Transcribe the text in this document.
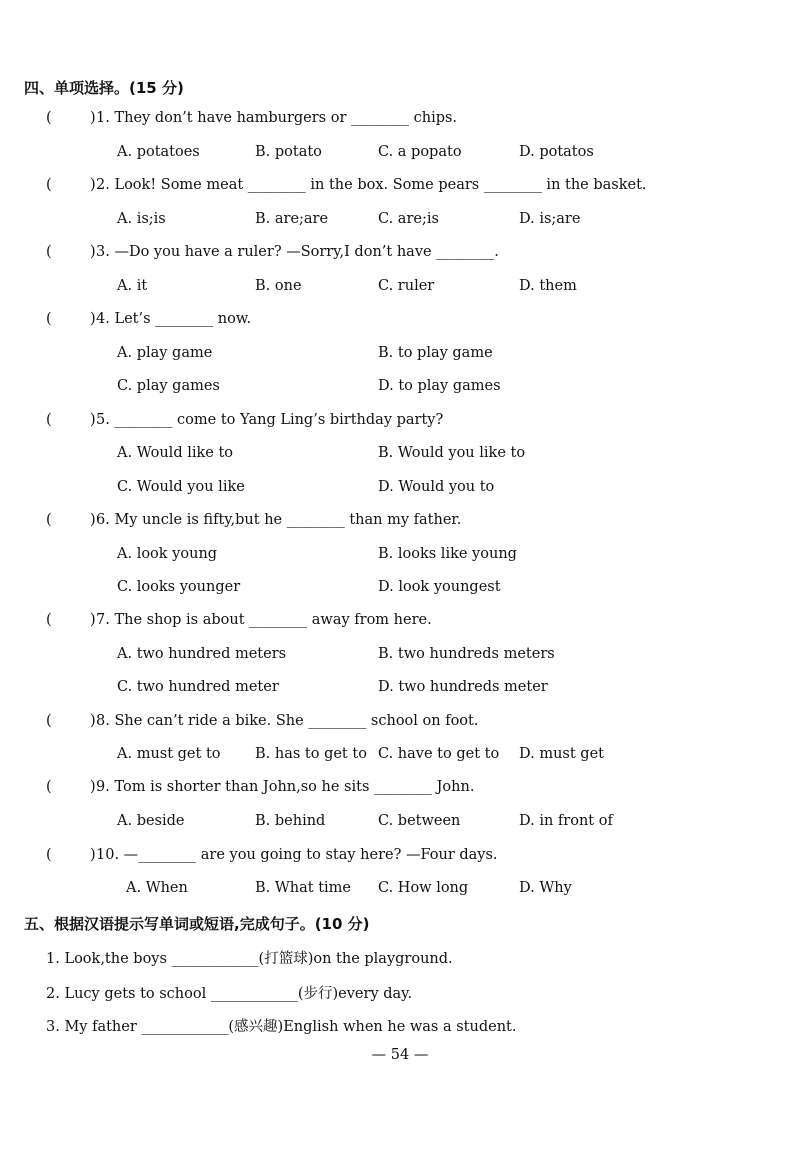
四、单项选择。(15 分)
(	) 1. They don’t have hamburgers or ________ chips.
A. potatoes	B. potato	C. a popato	D. potatos
(	) 2. Look! Some meat ________ in the box. Some pears ________ in the basket.
A. is;is	B. are;are	C. are;is	D. is;are
(	) 3. —Do you have a ruler? —Sorry,I don’t have ________.
A. it	B. one	C. ruler	D. them
(	) 4. Let’s ________ now.
A. play game	B. to play game
C. play games	D. to play games
(	) 5. ________ come to Yang Ling’s birthday party?
A. Would like to	B. Would you like to
C. Would you like	D. Would you to
(	) 6. My uncle is fifty,but he ________ than my father.
A. look young	B. looks like young
C. looks younger	D. look youngest
(	) 7. The shop is about ________ away from here.
A. two hundred meters	B. two hundreds meters
C. two hundred meter	D. two hundreds meter
(	) 8. She can’t ride a bike. She ________ school on foot.
A. must get to B. has to get to C. have to get to D. must get
(	) 9. Tom is shorter than John,so he sits ________ John.
A. beside	B. behind	C. between	D. in front of
(	) 10. —________ are you going to stay here? —Four days.
A. When	B. What time C. How long	D. Why
五、根据汉语提示写单词或短语,完成句子。(10 分)
1. Look,the boys ____________(打篮球)on the playground.
2. Lucy gets to school ____________(步行)every day.
3. My father ____________(感兴趣)English when he was a student.
— 54 —
